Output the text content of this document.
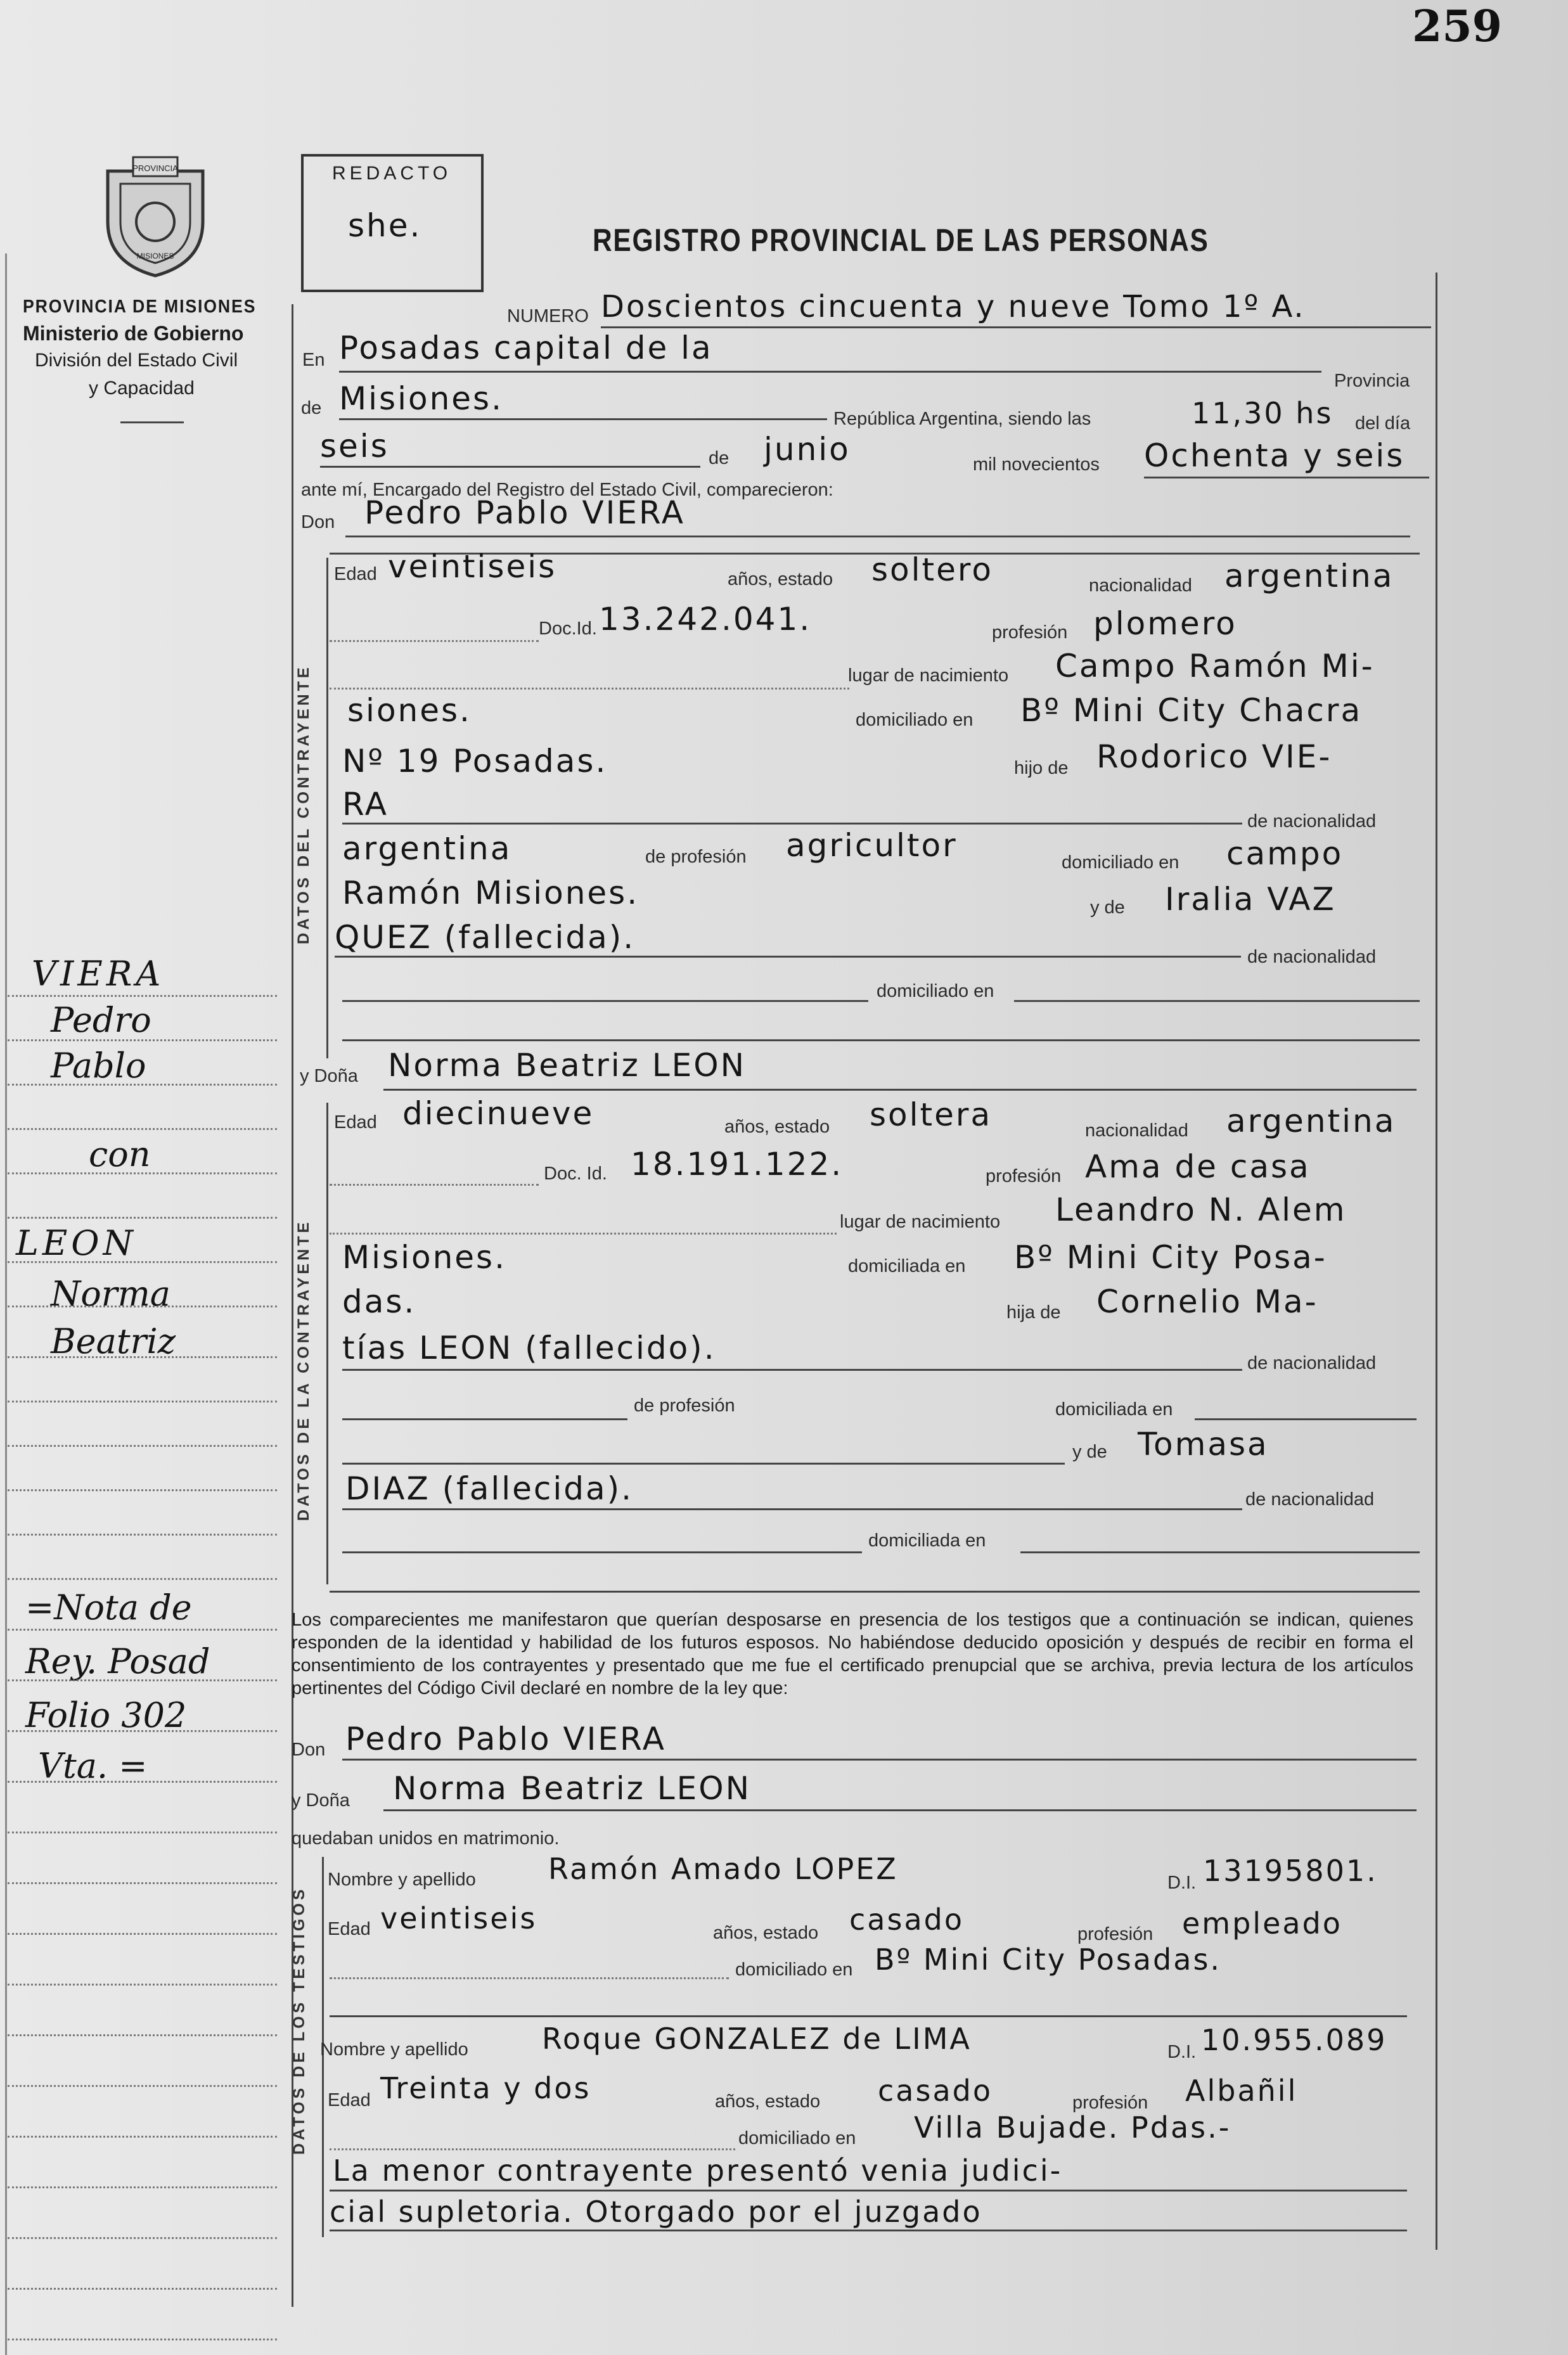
259
PROVINCIA
MISIONES
PROVINCIA DE MISIONES
Ministerio de Gobierno
División del Estado Civil
y Capacidad
REDACTO
she.	REGISTRO PROVINCIAL DE LAS PERSONAS
NUMERO Doscientos cincuenta y nueve Tomo 1º A.
En Posadas capital de la
Provincia
de Misiones.
República Argentina, siendo las	11,30 hs del día
seis	de junio	mil novecientos Ochenta y seis
ante mí, Encargado del Registro del Estado Civil, comparecieron:
Don Pedro Pablo VIERA
DATOS DEL CONTRAYENTE
Edad veintiseis	años, estado soltero	nacionalidad argentina
Doc.Id. 13.242.041.	profesión plomero
lugar de nacimiento Campo Ramón Mi-
siones.	domiciliado en Bº Mini City Chacra
Nº 19 Posadas.	hijo de Rodorico VIE-
RA	de nacionalidad
argentina	de profesión agricultor	domiciliado en campo
Ramón Misiones.	y de Iralia VAZ
QUEZ (fallecida).
de nacionalidad
domiciliado en
VIERA
Pedro
Pablo
con
LEON
Norma
Beatriz
=Nota de
Rey. Posad
Folio 302
Vta. =
y Doña Norma Beatriz LEON
DATOS DE LA CONTRAYENTE
Edad diecinueve	años, estado soltera	nacionalidad argentina
Doc. Id. 18.191.122.	profesión Ama de casa
lugar de nacimiento Leandro N. Alem
Misiones.	domiciliada en Bº Mini City Posa-
das.	hija de Cornelio Ma-
tías LEON (fallecido).	de nacionalidad
de profesión	domiciliada en
y de Tomasa
DIAZ (fallecida).	de nacionalidad
domiciliada en
Los comparecientes me manifestaron que querían desposarse en presencia de los testigos que a continuación se indican, quienes responden de la identidad y habilidad de los futuros esposos. No habiéndose deducido oposición y después de recibir en forma el consentimiento de los contrayentes y presentado que me fue el certificado prenupcial que se archiva, previa lectura de los artículos pertinentes del Código Civil declaré en nombre de la ley que:
Don Pedro Pablo VIERA
y Doña Norma Beatriz LEON
quedaban unidos en matrimonio.
DATOS DE LOS TESTIGOS
Nombre y apellido Ramón Amado LOPEZ	D.I. 13195801.
Edad veintiseis	años, estado casado	profesión empleado
domiciliado en Bº Mini City Posadas.
Nombre y apellido	Roque GONZALEZ de LIMA	D.I. 10.955.089
Edad Treinta y dos	años, estado casado	profesión Albañil
domiciliado en Villa Bujade. Pdas.-
La menor contrayente presentó venia judici-
cial supletoria. Otorgado por el juzgado
